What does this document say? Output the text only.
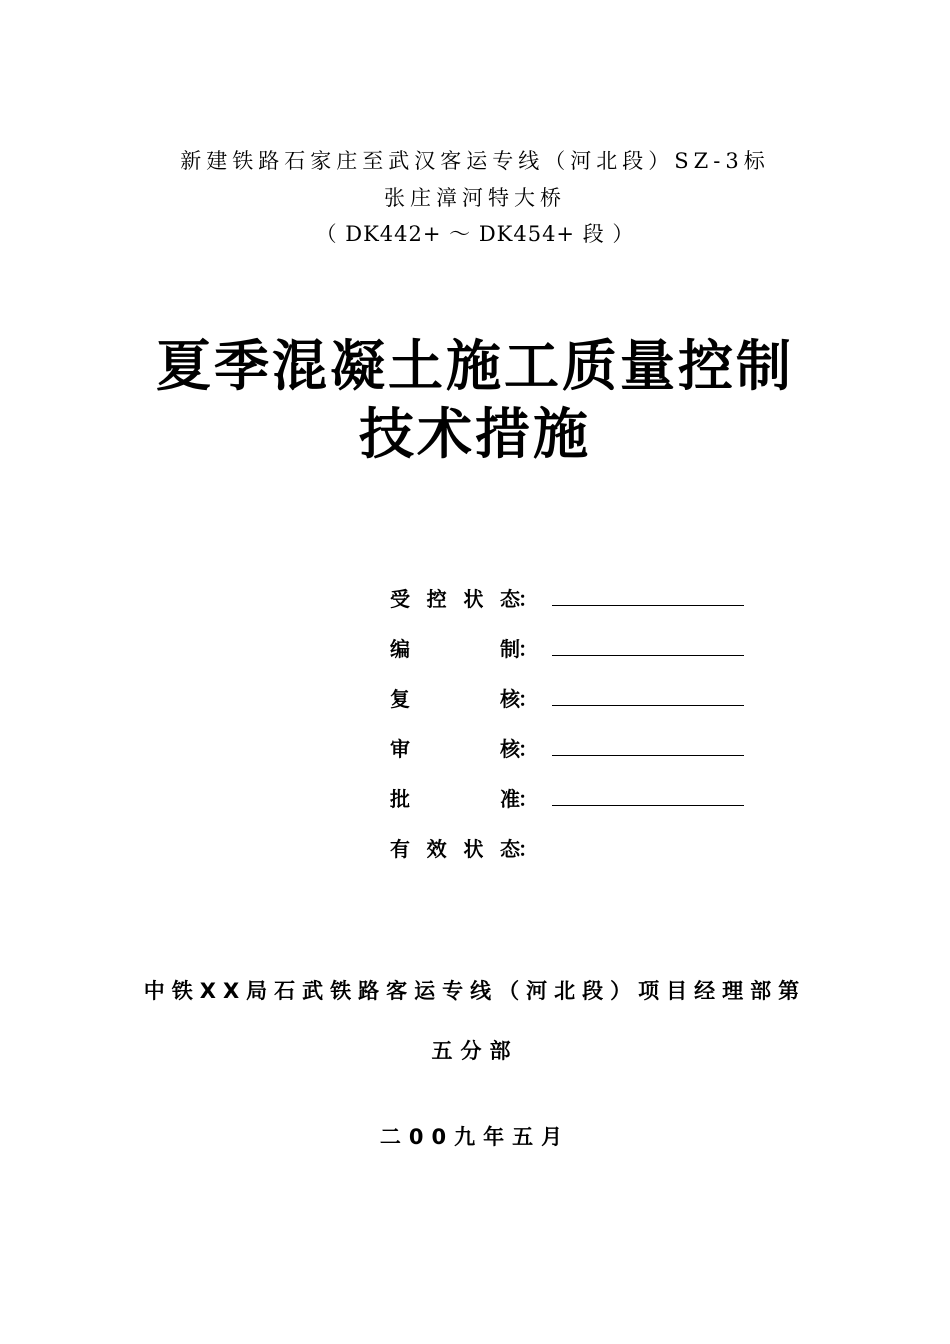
新建铁路石家庄至武汉客运专线（河北段）SZ-3标
张庄漳河特大桥
（ DK442+ ～ DK454+ 段 ）
夏季混凝土施工质量控制
技术措施
受 控 状 态
：
编	制
：
复	核
：
审	核
：
批	准
：
有 效 状 态
：
中铁XX局石武铁路客运专线（河北段）项目经理部第
五分部
二00九年五月
